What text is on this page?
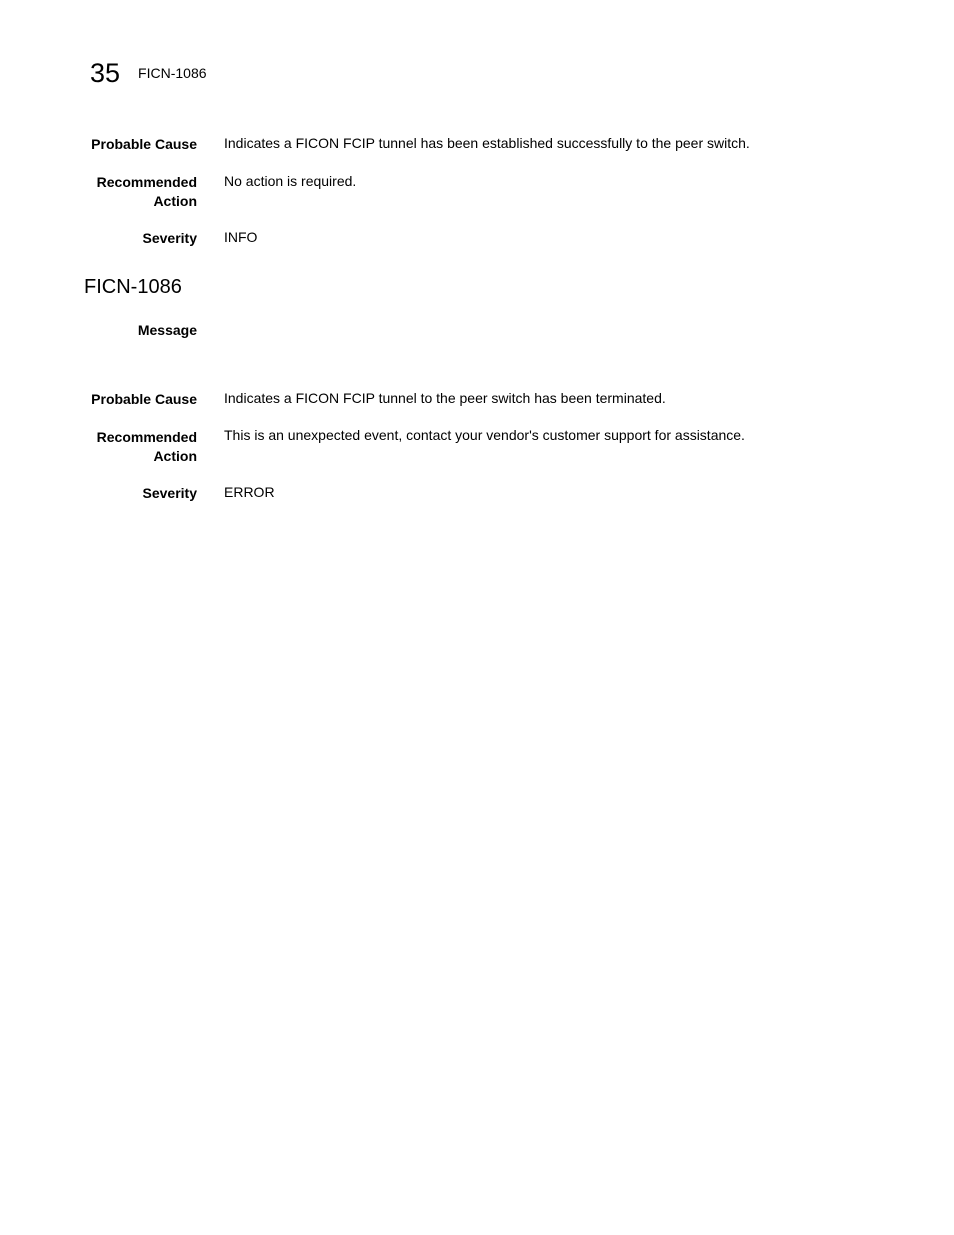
35 FICN-1086
Probable Cause Indicates a FICON FCIP tunnel has been established successfully to the peer switch.
Recommended
Action
No action is required.
Severity INFO
FICN-1086
Message
Probable Cause Indicates a FICON FCIP tunnel to the peer switch has been terminated.
Recommended
Action
This is an unexpected event, contact your vendor's customer support for assistance.
Severity ERROR
